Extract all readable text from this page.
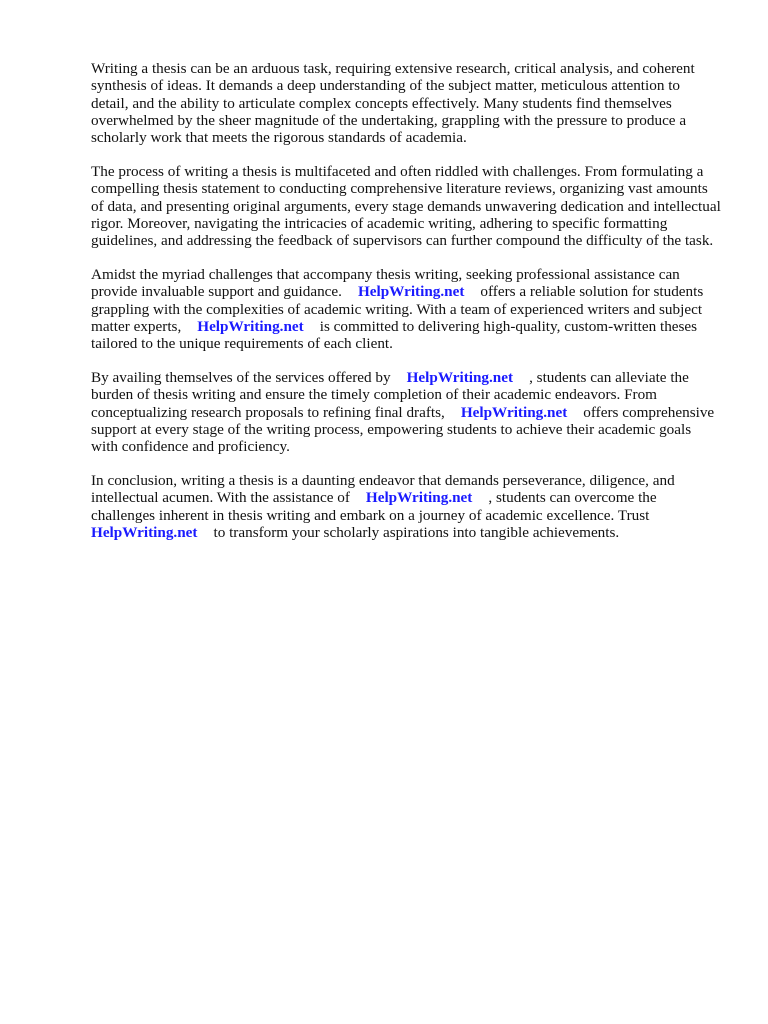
Writing a thesis can be an arduous task, requiring extensive research, critical analysis, and coherent synthesis of ideas. It demands a deep understanding of the subject matter, meticulous attention to detail, and the ability to articulate complex concepts effectively. Many students find themselves overwhelmed by the sheer magnitude of the undertaking, grappling with the pressure to produce a scholarly work that meets the rigorous standards of academia.

The process of writing a thesis is multifaceted and often riddled with challenges. From formulating a compelling thesis statement to conducting comprehensive literature reviews, organizing vast amounts of data, and presenting original arguments, every stage demands unwavering dedication and intellectual rigor. Moreover, navigating the intricacies of academic writing, adhering to specific formatting guidelines, and addressing the feedback of supervisors can further compound the difficulty of the task.

Amidst the myriad challenges that accompany thesis writing, seeking professional assistance can provide invaluable support and guidance. HelpWriting.net offers a reliable solution for students grappling with the complexities of academic writing. With a team of experienced writers and subject matter experts, HelpWriting.net is committed to delivering high-quality, custom-written theses tailored to the unique requirements of each client.

By availing themselves of the services offered by HelpWriting.net , students can alleviate the burden of thesis writing and ensure the timely completion of their academic endeavors. From conceptualizing research proposals to refining final drafts, HelpWriting.net offers comprehensive support at every stage of the writing process, empowering students to achieve their academic goals with confidence and proficiency.

In conclusion, writing a thesis is a daunting endeavor that demands perseverance, diligence, and intellectual acumen. With the assistance of HelpWriting.net , students can overcome the challenges inherent in thesis writing and embark on a journey of academic excellence. Trust
HelpWriting.net to transform your scholarly aspirations into tangible achievements.
